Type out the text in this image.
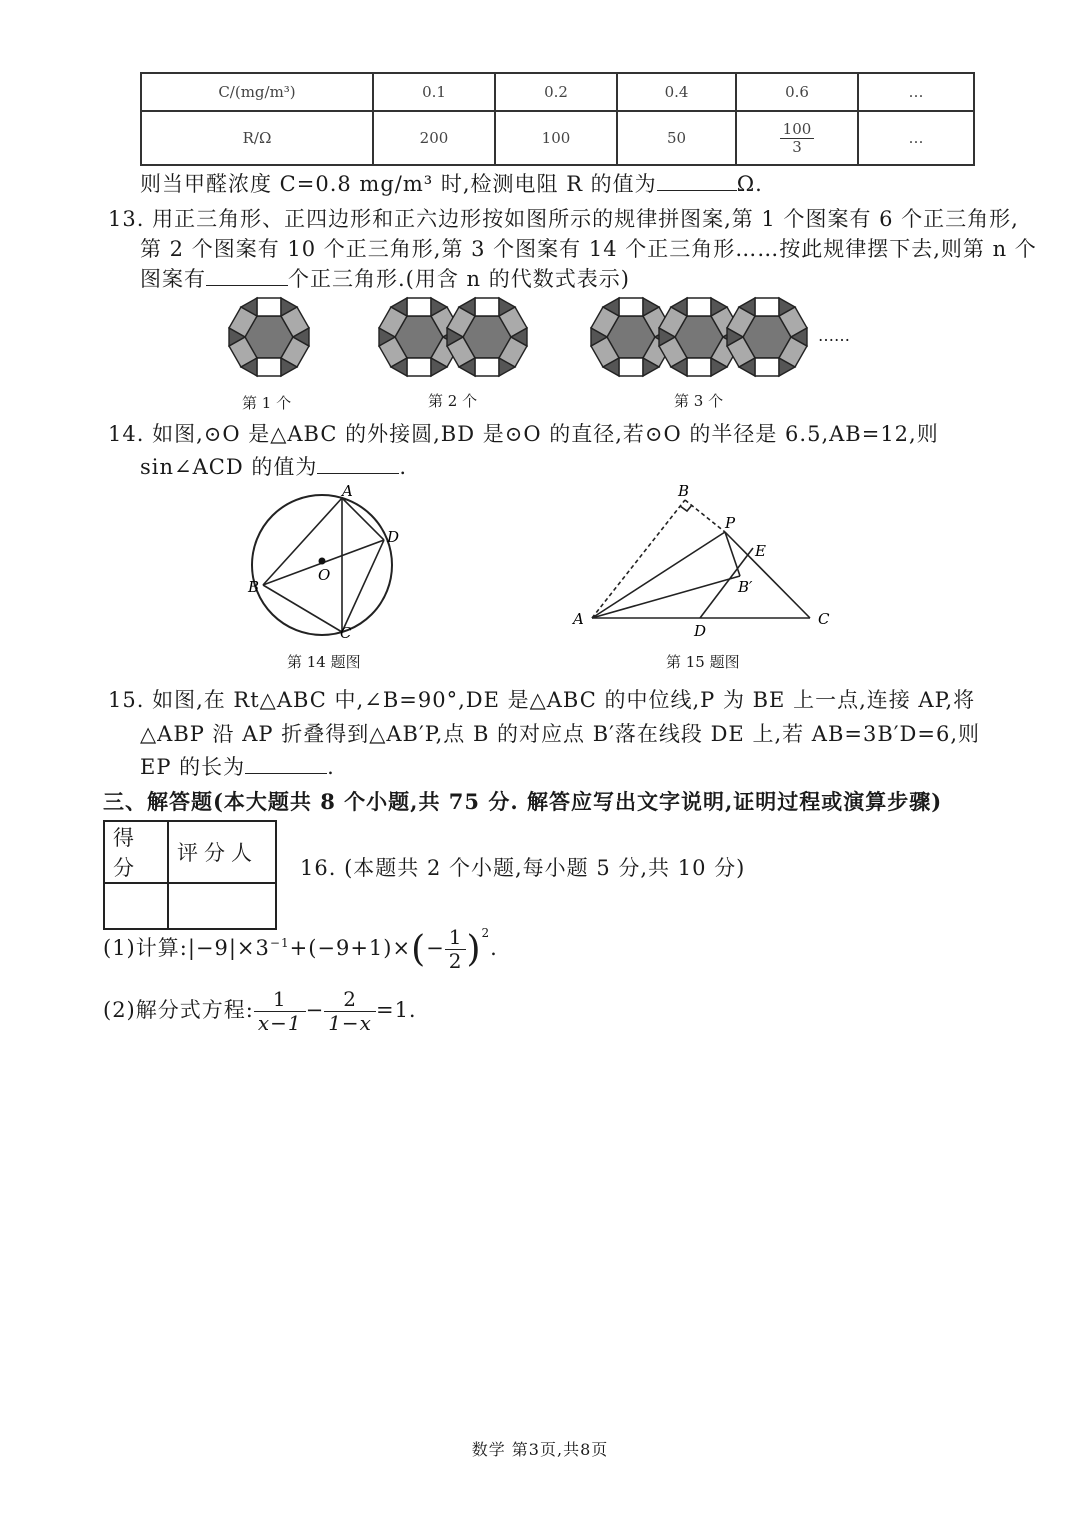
C/(mg/m³)	0.1	0.2	0.4	0.6	…
R/Ω	200	100	50	$\frac{100}{3}$	…
则当甲醛浓度 C=0.8 mg/m³ 时,检测电阻 R 的值为	Ω.
13. 用正三角形、正四边形和正六边形按如图所示的规律拼图案,第 1 个图案有 6 个正三角形,
第 2 个图案有 10 个正三角形,第 3 个图案有 14 个正三角形……按此规律摆下去,则第 n 个
图案有	个正三角形.(用含 n 的代数式表示)
……
第 1 个	第 2 个	第 3 个
14. 如图,⊙O 是△ABC 的外接圆,BD 是⊙O 的直径,若⊙O 的半径是 6.5,AB=12,则
sin∠ACD 的值为	.
A
B
C
D
O
第 14 题图
B
P
E
B′
A
D
C
第 15 题图
15. 如图,在 Rt△ABC 中,∠B=90°,DE 是△ABC 的中位线,P 为 BE 上一点,连接 AP,将
△ABP 沿 AP 折叠得到△AB′P,点 B 的对应点 B′落在线段 DE 上,若 AB=3B′D=6,则
EP 的长为	.
三、解答题(本大题共 8 个小题,共 75 分. 解答应写出文字说明,证明过程或演算步骤)
得分	评分人

16. (本题共 2 个小题,每小题 5 分,共 10 分)
(1)计算$:|-9|\times 3^{-1}+(-9+1)\times(- \frac{1}{2} )^2$.
(2)解分式方程: $\frac{1}{x-1} - \frac{2}{1-x} =1$.
数学 第3页,共8页
